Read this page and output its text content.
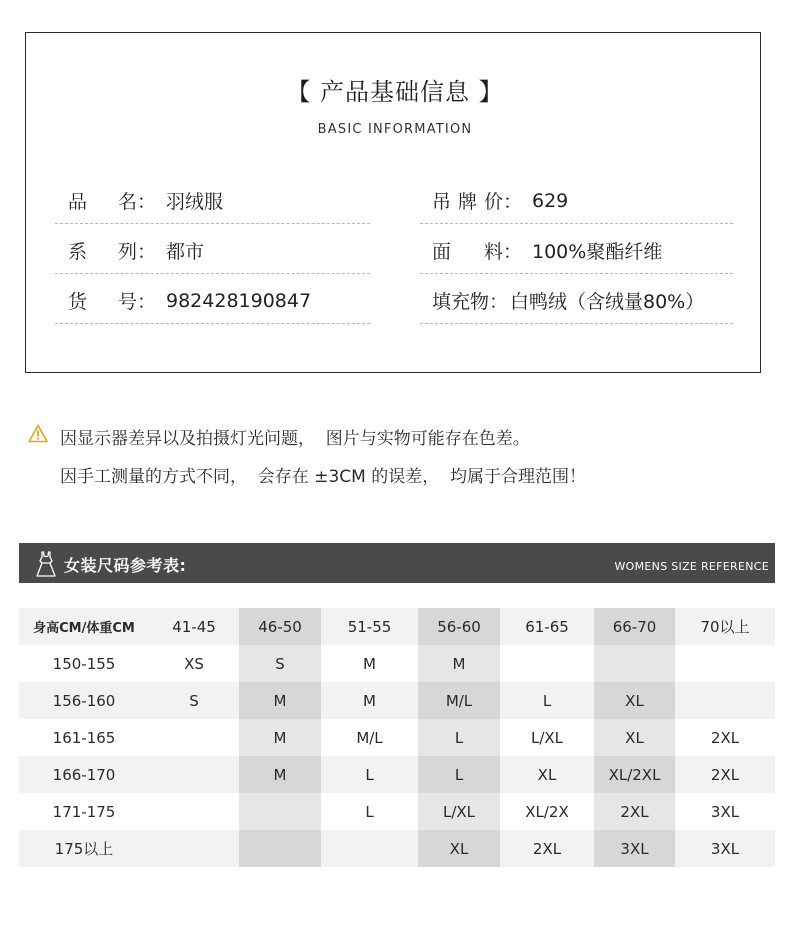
【 产品基础信息 】
BASIC INFORMATION
品 名 ： 羽绒服
系 列 ： 都市
货 号 ： 982428190847
吊 牌 价 ： 629
面 料 ： 100%聚酯纤维
填 充 物 ： 白鸭绒（含绒量80%）
因显示器差异以及拍摄灯光问题，  图片与实物可能存在色差。
因手工测量的方式不同，  会存在 ±3CM 的误差，  均属于合理范围！
女装尺码参考表:	WOMENS SIZE REFERENCE
身高CM/体重CM	41-45	46-50	51-55	56-60	61-65	66-70	70以上
150-155	XS	S	M	M			
156-160	S	M	M	M/L	L	XL	
161-165		M	M/L	L	L/XL	XL	2XL
166-170		M	L	L	XL	XL/2XL	2XL
171-175			L	L/XL	XL/2X	2XL	3XL
175以上				XL	2XL	3XL	3XL
